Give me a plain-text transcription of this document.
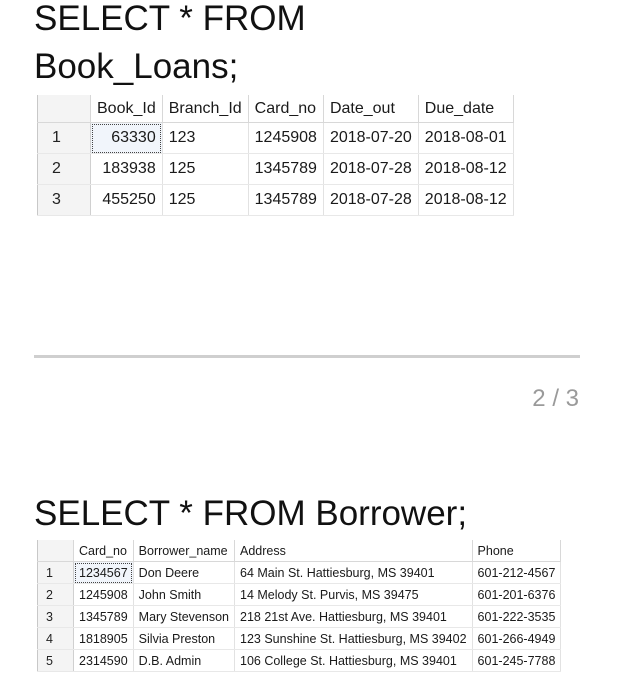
SELECT * FROM
Book_Loans;
	Book_Id	Branch_Id	Card_no	Date_out	Due_date
1	63330	123	1245908	2018-07-20	2018-08-01
2	183938	125	1345789	2018-07-28	2018-08-12
3	455250	125	1345789	2018-07-28	2018-08-12
2 / 3
SELECT * FROM Borrower;
	Card_no	Borrower_name	Address	Phone
1	1234567	Don Deere	64 Main St. Hattiesburg, MS 39401	601-212-4567
2	1245908	John Smith	14 Melody St. Purvis, MS 39475	601-201-6376
3	1345789	Mary Stevenson	218 21st Ave. Hattiesburg, MS 39401	601-222-3535
4	1818905	Silvia Preston	123 Sunshine St. Hattiesburg, MS 39402	601-266-4949
5	2314590	D.B. Admin	106 College St. Hattiesburg, MS 39401	601-245-7788
